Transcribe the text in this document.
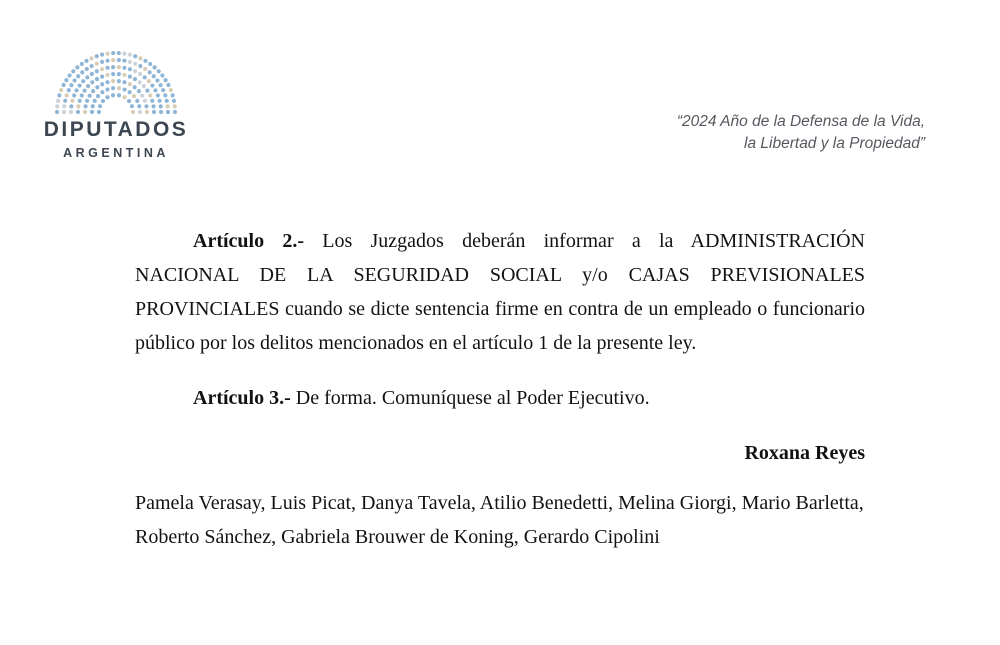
DIPUTADOS
ARGENTINA
“2024 Año de la Defensa de la Vida,
la Libertad y la Propiedad”

Artículo 2.- Los Juzgados deberán informar a la ADMINISTRACIÓN NACIONAL DE LA SEGURIDAD SOCIAL y/o CAJAS PREVISIONALES PROVINCIALES cuando se dicte sentencia firme en contra de un empleado o funcionario público por los delitos mencionados en el artículo 1 de la presente ley.

Artículo 3.- De forma. Comuníquese al Poder Ejecutivo.

Roxana Reyes

Pamela Verasay, Luis Picat, Danya Tavela, Atilio Benedetti, Melina Giorgi, Mario Barletta, Roberto Sánchez, Gabriela Brouwer de Koning, Gerardo Cipolini
